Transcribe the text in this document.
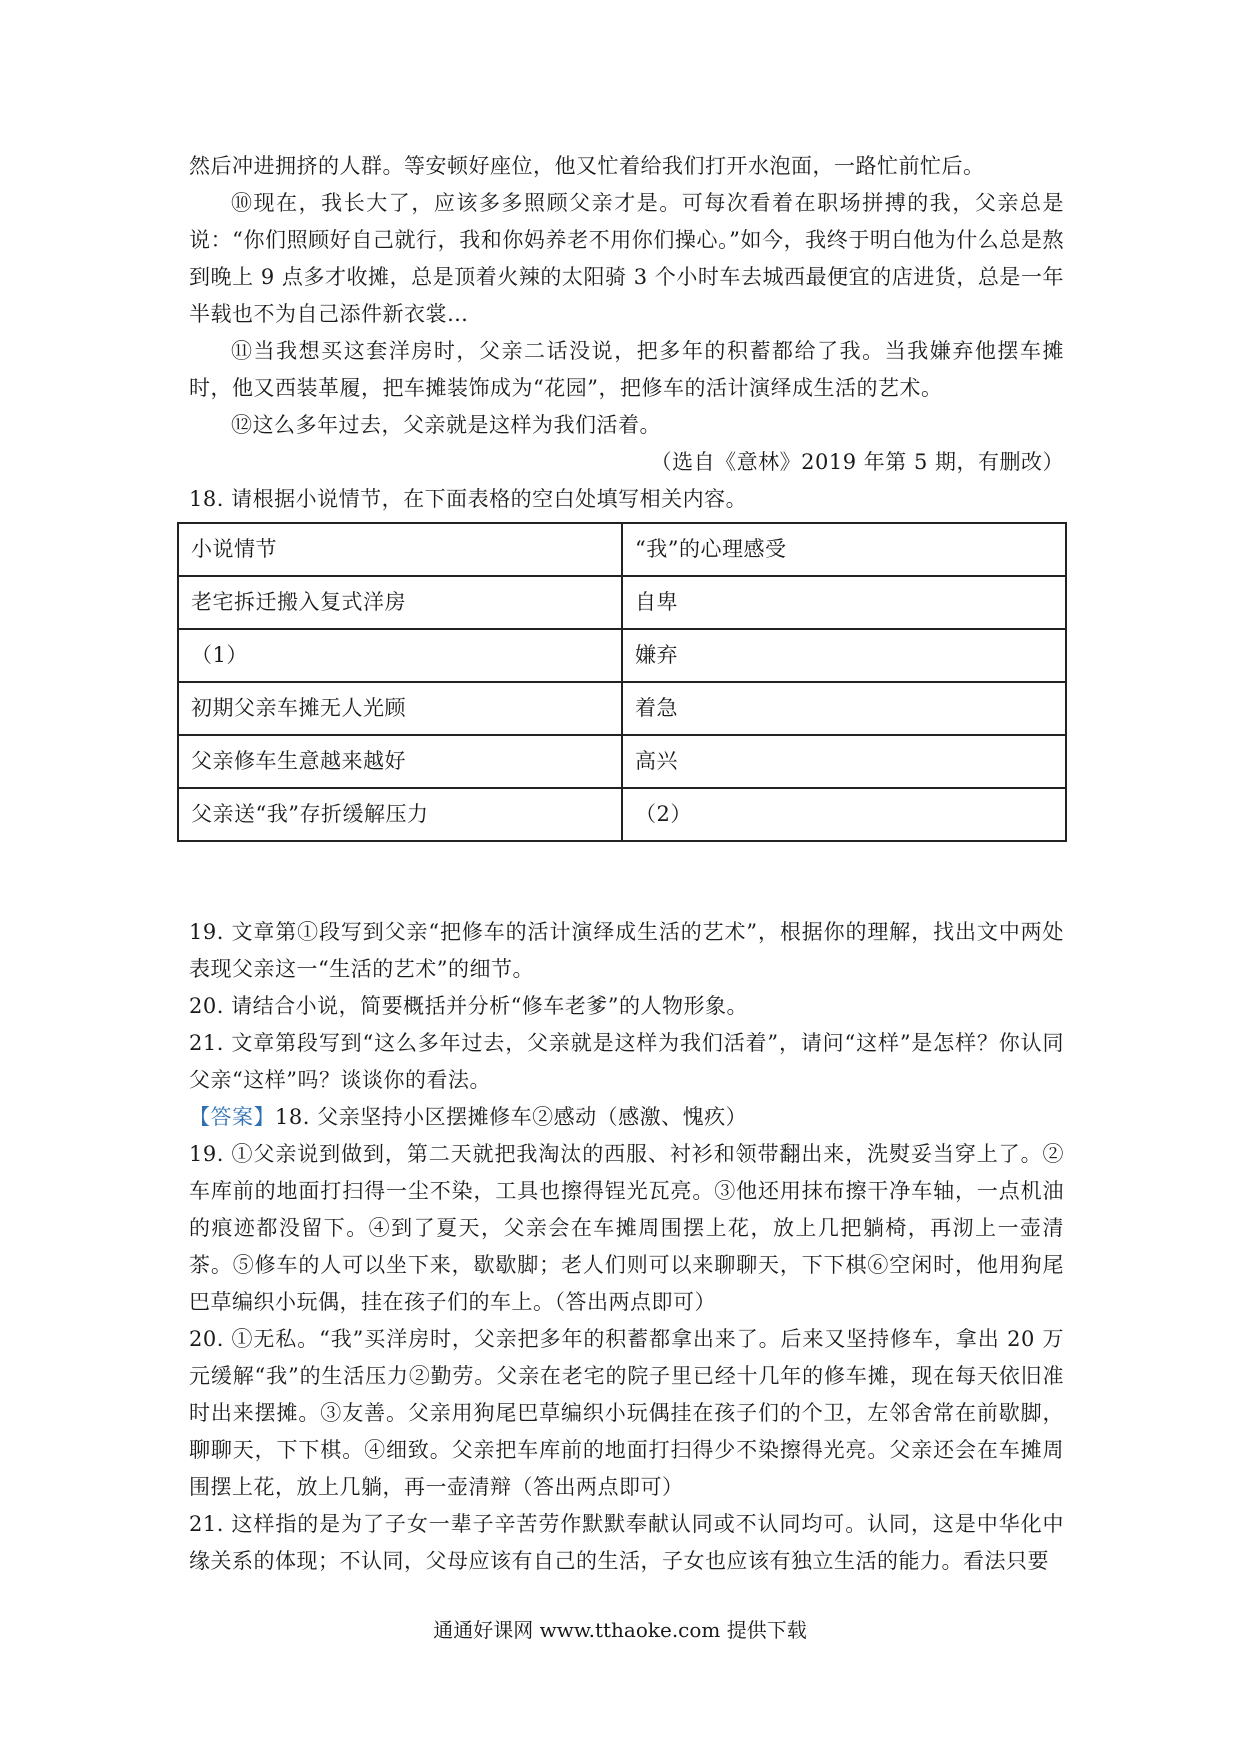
然后冲进拥挤的人群。等安顿好座位，他又忙着给我们打开水泡面，一路忙前忙后。

⑩现在，我长大了，应该多多照顾父亲才是。可每次看着在职场拼搏的我，父亲总是说：“你们照顾好自己就行，我和你妈养老不用你们操心。”如今，我终于明白他为什么总是熬到晚上 9 点多才收摊，总是顶着火辣的太阳骑 3 个小时车去城西最便宜的店进货，总是一年半载也不为自己添件新衣裳…

⑪当我想买这套洋房时，父亲二话没说，把多年的积蓄都给了我。当我嫌弃他摆车摊时，他又西装革履，把车摊装饰成为“花园”，把修车的活计演绎成生活的艺术。

⑫这么多年过去，父亲就是这样为我们活着。

（选自《意林》2019 年第 5 期，有删改）

18. 请根据小说情节，在下面表格的空白处填写相关内容。

小说情节	“我”的心理感受
老宅拆迁搬入复式洋房	自卑
（1）	嫌弃
初期父亲车摊无人光顾	着急
父亲修车生意越来越好	高兴
父亲送“我”存折缓解压力	（2）

19. 文章第①段写到父亲“把修车的活计演绎成生活的艺术”，根据你的理解，找出文中两处表现父亲这一“生活的艺术”的细节。

20. 请结合小说，简要概括并分析“修车老爹”的人物形象。

21. 文章第段写到“这么多年过去，父亲就是这样为我们活着”，请问“这样”是怎样？你认同父亲“这样”吗？谈谈你的看法。

【答案】18. 父亲坚持小区摆摊修车②感动（感激、愧疚）

19. ①父亲说到做到，第二天就把我淘汰的西服、衬衫和领带翻出来，洗熨妥当穿上了。②车库前的地面打扫得一尘不染，工具也擦得锃光瓦亮。③他还用抹布擦干净车轴，一点机油的痕迹都没留下。④到了夏天，父亲会在车摊周围摆上花，放上几把躺椅，再沏上一壶清茶。⑤修车的人可以坐下来，歇歇脚；老人们则可以来聊聊天，下下棋⑥空闲时，他用狗尾巴草编织小玩偶，挂在孩子们的车上。（答出两点即可）

20. ①无私。“我”买洋房时，父亲把多年的积蓄都拿出来了。后来又坚持修车，拿出 20 万元缓解“我”的生活压力②勤劳。父亲在老宅的院子里已经十几年的修车摊，现在每天依旧准时出来摆摊。③友善。父亲用狗尾巴草编织小玩偶挂在孩子们的个卫，左邻舍常在前歇脚，聊聊天，下下棋。④细致。父亲把车库前的地面打扫得少不染擦得光亮。父亲还会在车摊周围摆上花，放上几躺，再一壶清辩（答出两点即可）

21. 这样指的是为了子女一辈子辛苦劳作默默奉献认同或不认同均可。认同，这是中华化中缘关系的体现；不认同，父母应该有自己的生活，子女也应该有独立生活的能力。看法只要

通通好课网 www.tthaoke.com 提供下载
